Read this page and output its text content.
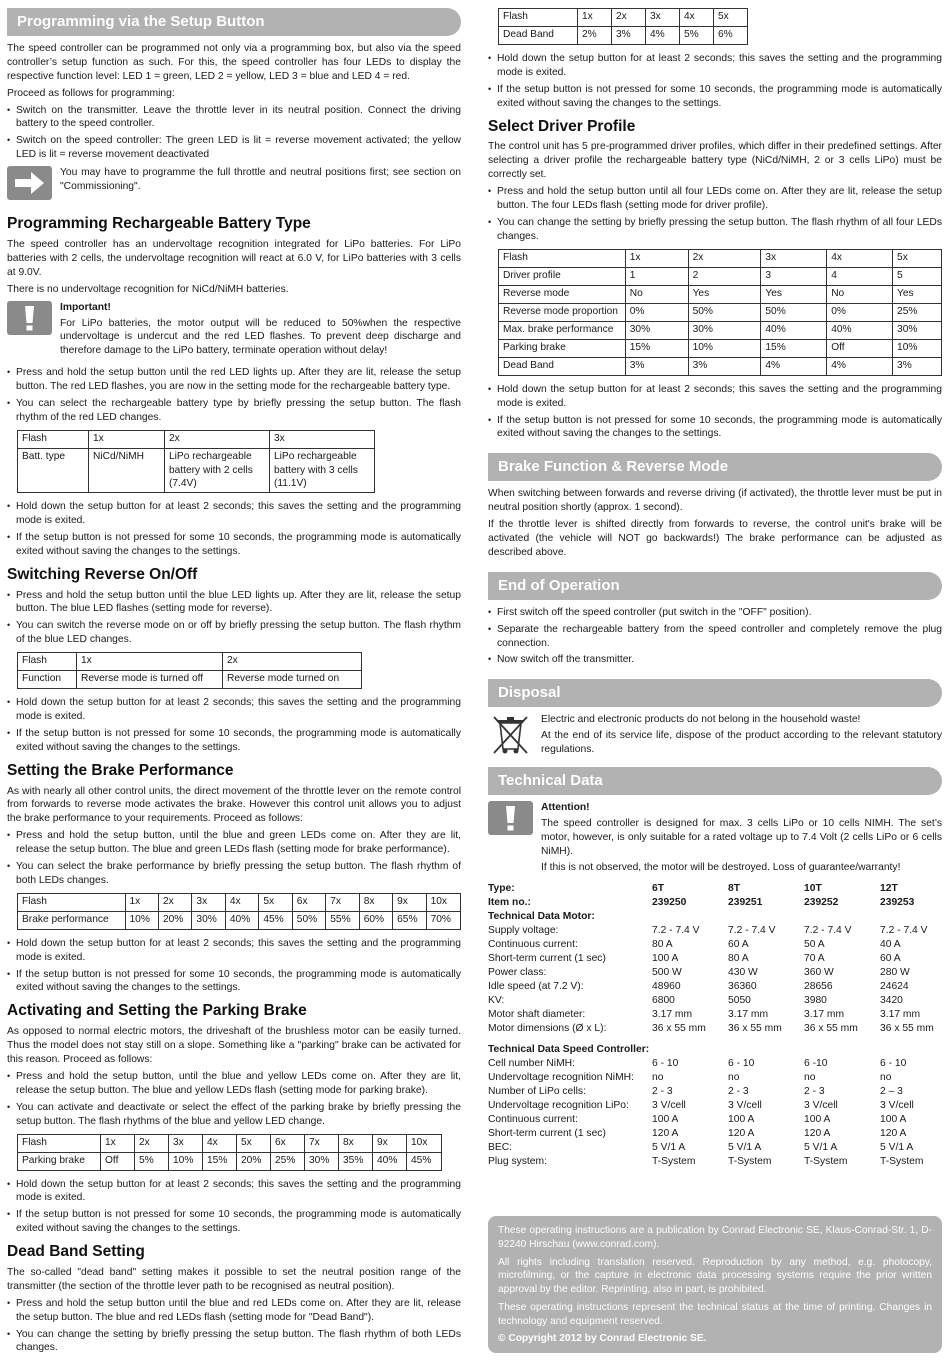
Programming via the Setup Button

The speed controller can be programmed not only via a programming box, but also via the speed controller’s setup function as such. For this, the speed controller has four LEDs to display the respective function level: LED 1 = green, LED 2 = yellow, LED 3 = blue and LED 4 = red.

Proceed as follows for programming:

• Switch on the transmitter. Leave the throttle lever in its neutral position. Connect the driving battery to the speed controller.
• Switch on the speed controller: The green LED is lit = reverse movement activated; the yellow LED is lit = reverse movement deactivated

You may have to programme the full throttle and neutral positions first; see section on "Commissioning".

Programming Rechargeable Battery Type

The speed controller has an undervoltage recognition integrated for LiPo batteries. For LiPo batteries with 2 cells, the undervoltage recognition will react at 6.0 V, for LiPo batteries with 3 cells at 9.0V.

There is no undervoltage recognition for NiCd/NiMH batteries.

Important!

For LiPo batteries, the motor output will be reduced to 50%when the respective undervoltage is undercut and the red LED flashes. To prevent deep discharge and therefore damage to the LiPo battery, terminate operation without delay!

• Press and hold the setup button until the red LED lights up. After they are lit, release the setup button. The red LED flashes, you are now in the setting mode for the rechargeable battery type.
• You can select the rechargeable battery type by briefly pressing the setup button. The flash rhythm of the red LED changes.
Flash	1x	2x	3x
Batt. type	NiCd/NiMH	LiPo rechargeable battery with 2 cells (7.4V)	LiPo rechargeable battery with 3 cells (11.1V)
• Hold down the setup button for at least 2 seconds; this saves the setting and the programming mode is exited.
• If the setup button is not pressed for some 10 seconds, the programming mode is automatically exited without saving the changes to the settings.
Switching Reverse On/Off
• Press and hold the setup button until the blue LED lights up. After they are lit, release the setup button. The blue LED flashes (setting mode for reverse).
• You can switch the reverse mode on or off by briefly pressing the setup button. The flash rhythm of the blue LED changes.
Flash	1x	2x
Function	Reverse mode is turned off	Reverse mode turned on
• Hold down the setup button for at least 2 seconds; this saves the setting and the programming mode is exited.
• If the setup button is not pressed for some 10 seconds, the programming mode is automatically exited without saving the changes to the settings.
Setting the Brake Performance

As with nearly all other control units, the direct movement of the throttle lever on the remote control from forwards to reverse mode activates the brake. However this control unit allows you to adjust the brake performance to your requirements. Proceed as follows:

• Press and hold the setup button, until the blue and green LEDs come on. After they are lit, release the setup button. The blue and green LEDs flash (setting mode for brake performance).
• You can select the brake performance by briefly pressing the setup button. The flash rhythm of both LEDs changes.
Flash	1x	2x	3x	4x	5x	6x	7x	8x	9x	10x
Brake performance	10%	20%	30%	40%	45%	50%	55%	60%	65%	70%
• Hold down the setup button for at least 2 seconds; this saves the setting and the programming mode is exited.
• If the setup button is not pressed for some 10 seconds, the programming mode is automatically exited without saving the changes to the settings.
Activating and Setting the Parking Brake

As opposed to normal electric motors, the driveshaft of the brushless motor can be easily turned. Thus the model does not stay still on a slope. Something like a "parking" brake can be activated for this reason. Proceed as follows:

• Press and hold the setup button, until the blue and yellow LEDs come on. After they are lit, release the setup button. The blue and yellow LEDs flash (setting mode for parking brake).
• You can activate and deactivate or select the effect of the parking brake by briefly pressing the setup button. The flash rhythms of the blue and yellow LED change.
Flash	1x	2x	3x	4x	5x	6x	7x	8x	9x	10x
Parking brake	Off	5%	10%	15%	20%	25%	30%	35%	40%	45%
• Hold down the setup button for at least 2 seconds; this saves the setting and the programming mode is exited.
• If the setup button is not pressed for some 10 seconds, the programming mode is automatically exited without saving the changes to the settings.
Dead Band Setting

The so-called "dead band" setting makes it possible to set the neutral position range of the transmitter (the section of the throttle lever path to be recognised as neutral position).

• Press and hold the setup button until the blue and red LEDs come on. After they are lit, release the setup button. The blue and red LEDs flash (setting mode for "Dead Band").
• You can change the setting by briefly pressing the setup button. The flash rhythm of both LEDs changes.
Flash	1x	2x	3x	4x	5x
Dead Band	2%	3%	4%	5%	6%
• Hold down the setup button for at least 2 seconds; this saves the setting and the programming mode is exited.
• If the setup button is not pressed for some 10 seconds, the programming mode is automatically exited without saving the changes to the settings.
Select Driver Profile

The control unit has 5 pre-programmed driver profiles, which differ in their predefined settings. After selecting a driver profile the rechargeable battery type (NiCd/NiMH, 2 or 3 cells LiPo) must be correctly set.

• Press and hold the setup button until all four LEDs come on. After they are lit, release the setup button. The four LEDs flash (setting mode for driver profile).
• You can change the setting by briefly pressing the setup button. The flash rhythm of all four LEDs changes.
Flash	1x	2x	3x	4x	5x
Driver profile	1	2	3	4	5
Reverse mode	No	Yes	Yes	No	Yes
Reverse mode proportion	0%	50%	50%	0%	25%
Max. brake performance	30%	30%	40%	40%	30%
Parking brake	15%	10%	15%	Off	10%
Dead Band	3%	3%	4%	4%	3%
• Hold down the setup button for at least 2 seconds; this saves the setting and the programming mode is exited.
• If the setup button is not pressed for some 10 seconds, the programming mode is automatically exited without saving the changes to the settings.
Brake Function & Reverse Mode

When switching between forwards and reverse driving (if activated), the throttle lever must be put in neutral position shortly (approx. 1 second).

If the throttle lever is shifted directly from forwards to reverse, the control unit's brake will be activated (the vehicle will NOT go backwards!) The brake performance can be adjusted as described above.

End of Operation
• First switch off the speed controller (put switch in the "OFF" position).
• Separate the rechargeable battery from the speed controller and completely remove the plug connection.
• Now switch off the transmitter.
Disposal

Electric and electronic products do not belong in the household waste!

At the end of its service life, dispose of the product according to the relevant statutory regulations.

Technical Data

Attention!

The speed controller is designed for max. 3 cells LiPo or 10 cells NIMH. The set’s motor, however, is only suitable for a rated voltage up to 7.4 Volt (2 cells LiPo or 6 cells NiMH).

If this is not observed, the motor will be destroyed. Loss of guarantee/warranty!

Type:	6T	8T	10T	12T
Item no.:	239250	239251	239252	239253
Technical Data Motor:
Supply voltage:	7.2 - 7.4 V	7.2 - 7.4 V	7.2 - 7.4 V	7.2 - 7.4 V
Continuous current:	80 A	60 A	50 A	40 A
Short-term current (1 sec)	100 A	80 A	70 A	60 A
Power class:	500 W	430 W	360 W	280 W
Idle speed (at 7.2 V):	48960	36360	28656	24624
KV:	6800	5050	3980	3420
Motor shaft diameter:	3.17 mm	3.17 mm	3.17 mm	3.17 mm
Motor dimensions (Ø x L):	36 x 55 mm	36 x 55 mm	36 x 55 mm	36 x 55 mm
Technical Data Speed Controller:
Cell number NiMH:	6 - 10	6 - 10	6 -10	6 - 10
Undervoltage recognition NiMH:	no	no	no	no
Number of LiPo cells:	2 - 3	2 - 3	2 - 3	2 – 3
Undervoltage recognition LiPo:	3 V/cell	3 V/cell	3 V/cell	3 V/cell
Continuous current:	100 A	100 A	100 A	100 A
Short-term current (1 sec)	120 A	120 A	120 A	120 A
BEC:	5 V/1 A	5 V/1 A	5 V/1 A	5 V/1 A
Plug system:	T-System	T-System	T-System	T-System

These operating instructions are a publication by Conrad Electronic SE, Klaus-Conrad-Str. 1, D-92240 Hirschau (www.conrad.com).

All rights including translation reserved. Reproduction by any method, e.g. photocopy, microfilming, or the capture in electronic data processing systems require the prior written approval by the editor. Reprinting, also in part, is prohibited.

These operating instructions represent the technical status at the time of printing. Changes in technology and equipment reserved.

© Copyright 2012 by Conrad Electronic SE.
